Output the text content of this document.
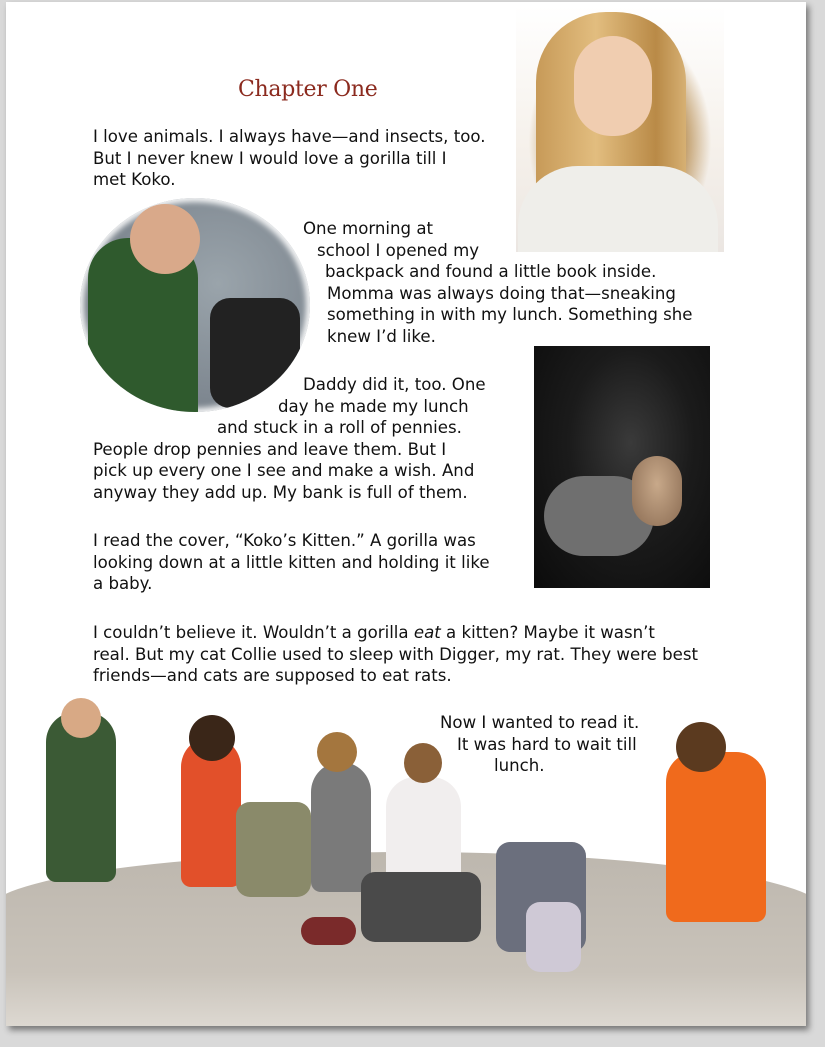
Chapter One

I love animals. I always have—and insects, too.
But I never knew I would love a gorilla till I
met Koko.

One morning at
school I opened my
backpack and found a little book inside.
Momma was always doing that—sneaking
something in with my lunch. Something she
knew I’d like.

Daddy did it, too. One
day he made my lunch
and stuck in a roll of pennies.
People drop pennies and leave them. But I
pick up every one I see and make a wish. And
anyway they add up. My bank is full of them.

I read the cover, “Koko’s Kitten.” A gorilla was
looking down at a little kitten and holding it like
a baby.

I couldn’t believe it. Wouldn’t a gorilla eat a kitten? Maybe it wasn’t
real. But my cat Collie used to sleep with Digger, my rat. They were best
friends—and cats are supposed to eat rats.

Now I wanted to read it.
It was hard to wait till
lunch.
